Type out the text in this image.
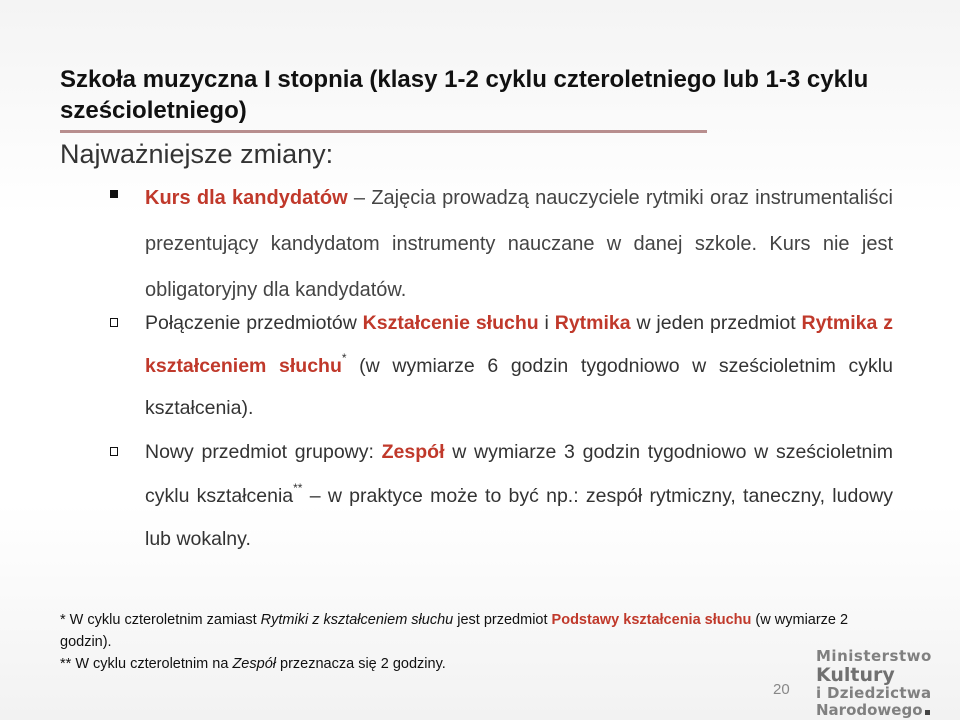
Szkoła muzyczna I stopnia (klasy 1-2 cyklu czteroletniego lub 1-3 cyklu sześcioletniego)
Najważniejsze zmiany:
Kurs dla kandydatów – Zajęcia prowadzą nauczyciele rytmiki oraz instrumentaliści prezentujący kandydatom instrumenty nauczane w danej szkole. Kurs nie jest obligatoryjny dla kandydatów.
Połączenie przedmiotów Kształcenie słuchu i Rytmika w jeden przedmiot Rytmika z kształceniem słuchu* (w wymiarze 6 godzin tygodniowo w sześcioletnim cyklu kształcenia).
Nowy przedmiot grupowy: Zespół w wymiarze 3 godzin tygodniowo w sześcioletnim cyklu kształcenia** – w praktyce może to być np.: zespół rytmiczny, taneczny, ludowy lub wokalny.
* W cyklu czteroletnim zamiast Rytmiki z kształceniem słuchu jest przedmiot Podstawy kształcenia słuchu (w wymiarze 2 godzin).
** W cyklu czteroletnim na Zespół przeznacza się 2 godziny.
20
Ministerstwo
Kultury
i Dziedzictwa
Narodowego
